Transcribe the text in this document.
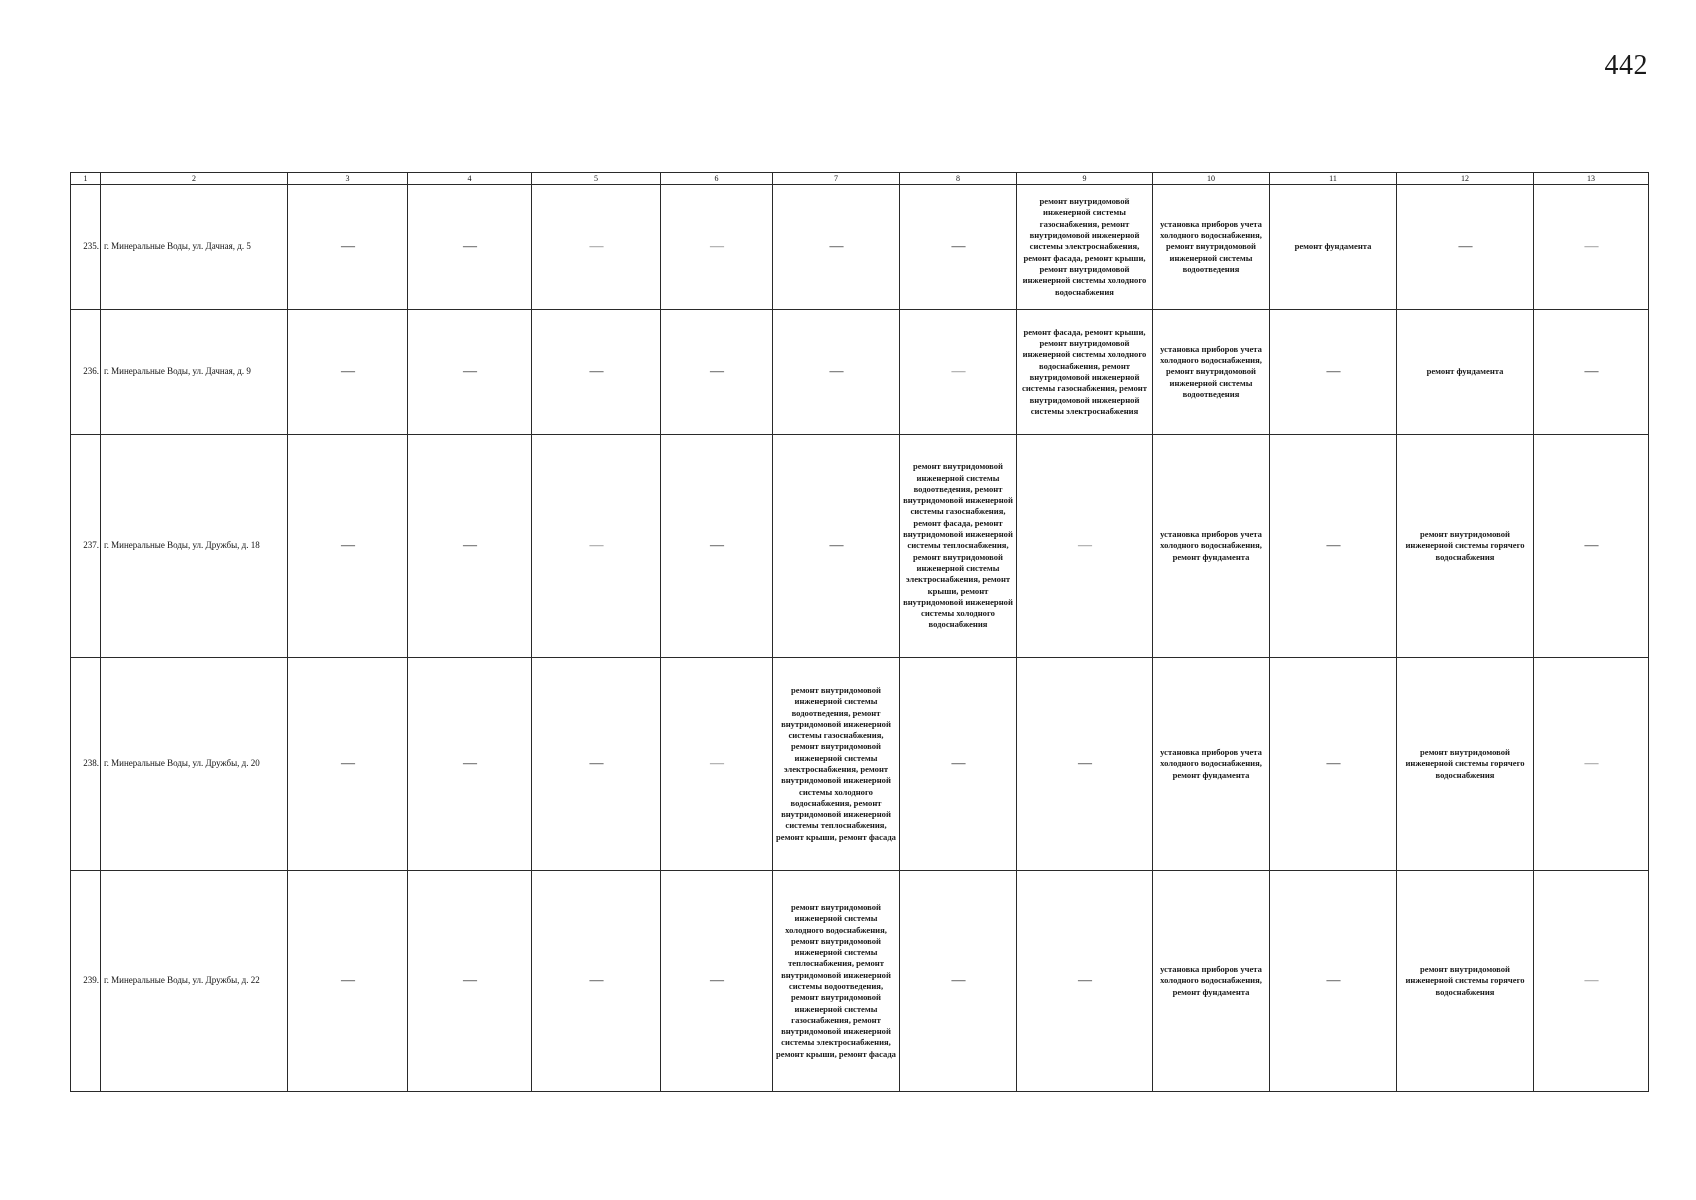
442
1	2	3	4	5	6	7	8	9	10	11	12	13
235.	г. Минеральные Воды, ул. Дачная, д. 5	—	—	—	—	—	—	ремонт внутридомовой инженерной системы газоснабжения, ремонт внутридомовой инженерной системы электроснабжения, ремонт фасада, ремонт крыши, ремонт внутридомовой инженерной системы холодного водоснабжения	установка приборов учета холодного водоснабжения, ремонт внутридомовой инженерной системы водоотведения	ремонт фундамента	—	—
236.	г. Минеральные Воды, ул. Дачная, д. 9	—	—	—	—	—	—	ремонт фасада, ремонт крыши, ремонт внутридомовой инженерной системы холодного водоснабжения, ремонт внутридомовой инженерной системы газоснабжения, ремонт внутридомовой инженерной системы электроснабжения	установка приборов учета холодного водоснабжения, ремонт внутридомовой инженерной системы водоотведения	—	ремонт фундамента	—
237.	г. Минеральные Воды, ул. Дружбы, д. 18	—	—	—	—	—	ремонт внутридомовой инженерной системы водоотведения, ремонт внутридомовой инженерной системы газоснабжения, ремонт фасада, ремонт внутридомовой инженерной системы теплоснабжения, ремонт внутридомовой инженерной системы электроснабжения, ремонт крыши, ремонт внутридомовой инженерной системы холодного водоснабжения	—	установка приборов учета холодного водоснабжения, ремонт фундамента	—	ремонт внутридомовой инженерной системы горячего водоснабжения	—
238.	г. Минеральные Воды, ул. Дружбы, д. 20	—	—	—	—	ремонт внутридомовой инженерной системы водоотведения, ремонт внутридомовой инженерной системы газоснабжения, ремонт внутридомовой инженерной системы электроснабжения, ремонт внутридомовой инженерной системы холодного водоснабжения, ремонт внутридомовой инженерной системы теплоснабжения, ремонт крыши, ремонт фасада	—	—	установка приборов учета холодного водоснабжения, ремонт фундамента	—	ремонт внутридомовой инженерной системы горячего водоснабжения	—
239.	г. Минеральные Воды, ул. Дружбы, д. 22	—	—	—	—	ремонт внутридомовой инженерной системы холодного водоснабжения, ремонт внутридомовой инженерной системы теплоснабжения, ремонт внутридомовой инженерной системы водоотведения, ремонт внутридомовой инженерной системы газоснабжения, ремонт внутридомовой инженерной системы электроснабжения, ремонт крыши, ремонт фасада	—	—	установка приборов учета холодного водоснабжения, ремонт фундамента	—	ремонт внутридомовой инженерной системы горячего водоснабжения	—
